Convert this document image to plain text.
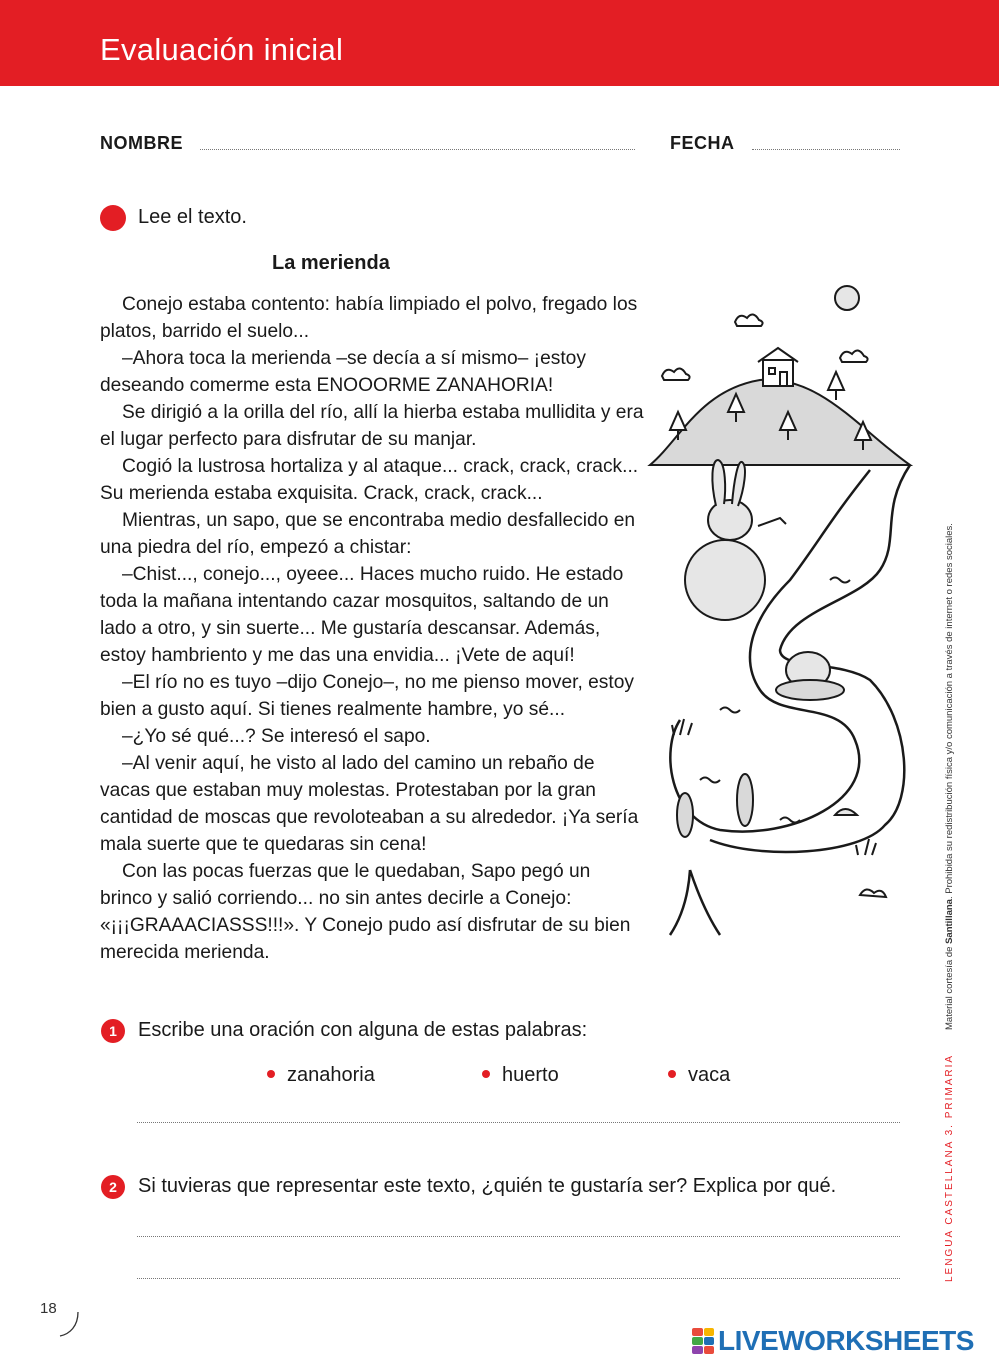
Evaluación inicial
NOMBRE	FECHA
Lee el texto.
La merienda

Conejo estaba contento: había limpiado el polvo, fregado los platos, barrido el suelo...

–Ahora toca la merienda –se decía a sí mismo– ¡estoy deseando comerme esta ENOOORME ZANAHORIA!

Se dirigió a la orilla del río, allí la hierba estaba mullidita y era el lugar perfecto para disfrutar de su manjar.

Cogió la lustrosa hortaliza y al ataque... crack, crack, crack... Su merienda estaba exquisita. Crack, crack, crack...

Mientras, un sapo, que se encontraba medio desfallecido en una piedra del río, empezó a chistar:

–Chist..., conejo..., oyeee... Haces mucho ruido. He estado toda la mañana intentando cazar mosquitos, saltando de un lado a otro, y sin suerte... Me gustaría descansar. Además, estoy hambriento y me das una envidia... ¡Vete de aquí!

–El río no es tuyo –dijo Conejo–, no me pienso mover, estoy bien a gusto aquí. Si tienes realmente hambre, yo sé...

–¿Yo sé qué...? Se interesó el sapo.

–Al venir aquí, he visto al lado del camino un rebaño de vacas que estaban muy molestas. Protestaban por la gran cantidad de moscas que revoloteaban a su alrededor. ¡Ya sería mala suerte que te quedaras sin cena!

Con las pocas fuerzas que le quedaban, Sapo pegó un brinco y salió corriendo... no sin antes decirle a Conejo: «¡¡¡GRAAACIASSS!!!». Y Conejo pudo así disfrutar de su bien merecida merienda.

1	Escribe una oración con alguna de estas palabras:
zanahoria	huerto	vaca
2	Si tuvieras que representar este texto, ¿quién te gustaría ser? Explica por qué.
Material cortesía de Santillana. Prohibida su redistribución física y/o comunicación a través de internet o redes sociales.
LENGUA CASTELLANA 3. PRIMARIA
18
LIVEWORKSHEETS
